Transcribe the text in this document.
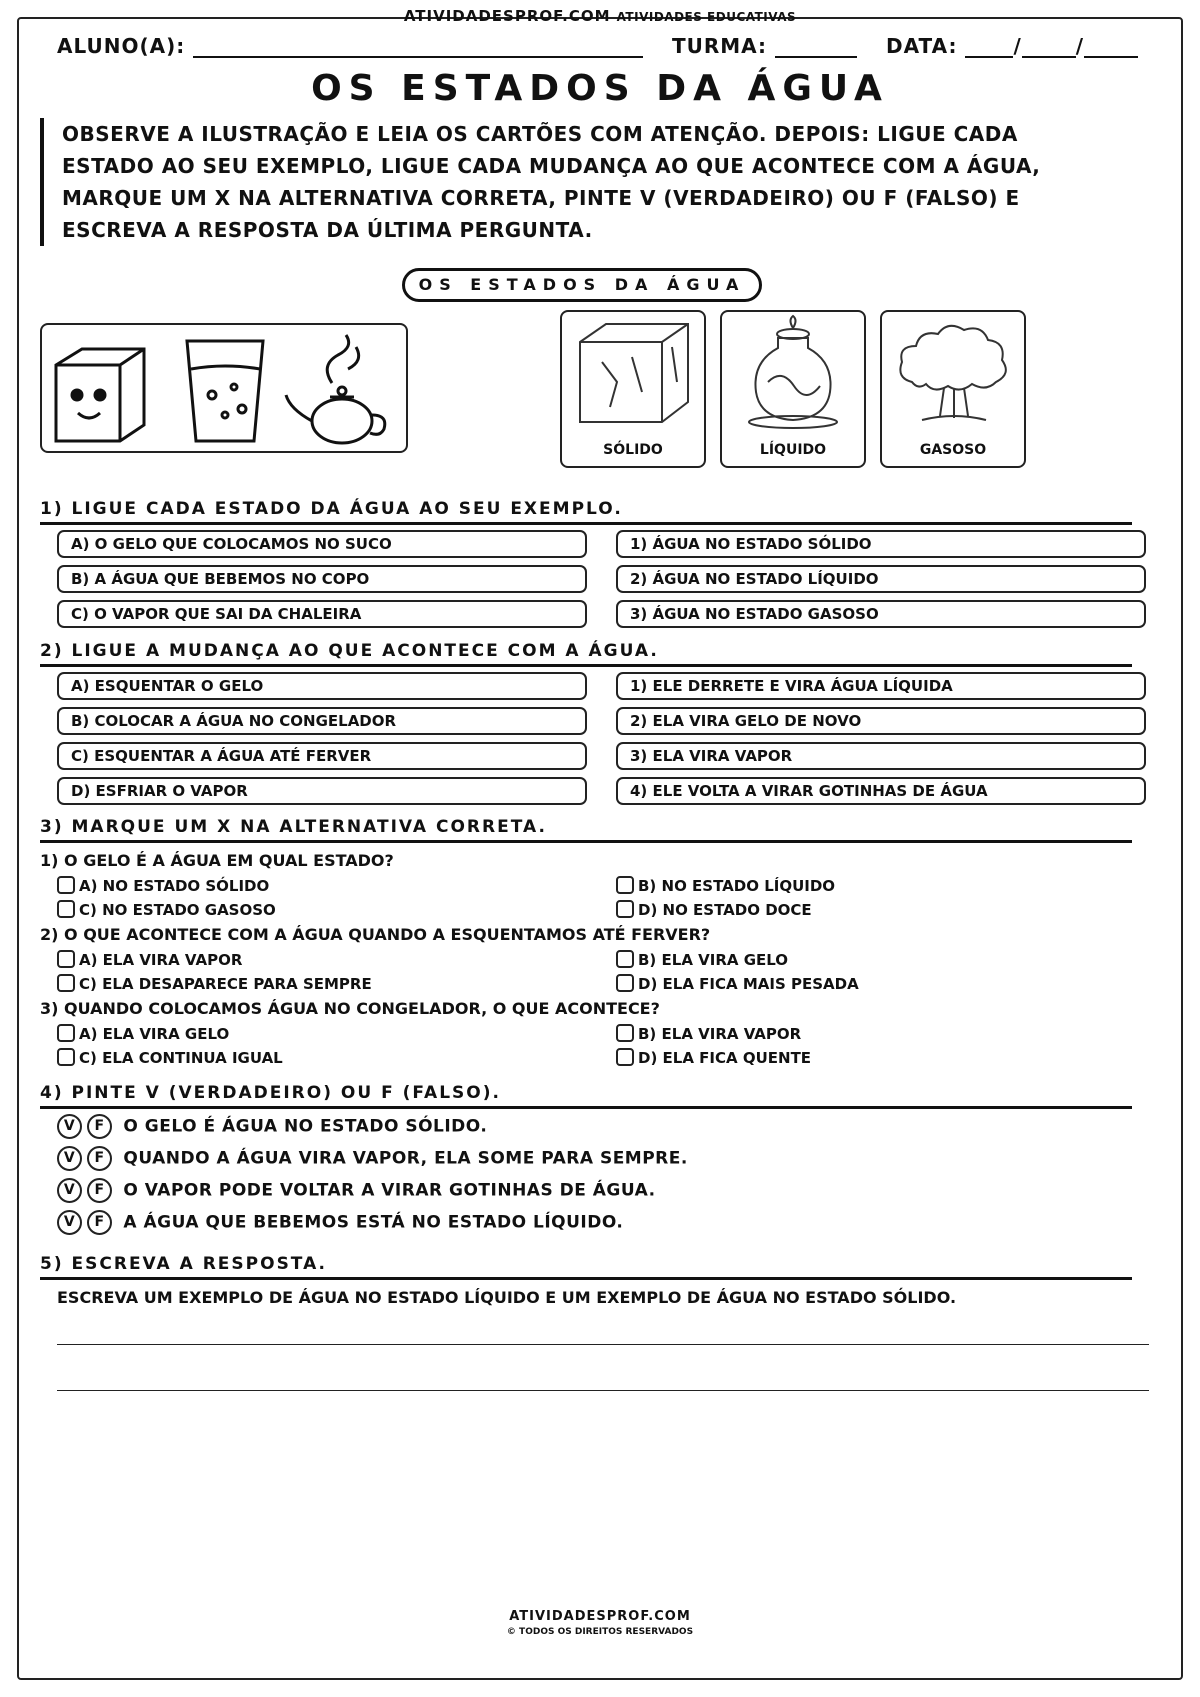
ATIVIDADESPROF.COM ATIVIDADES EDUCATIVAS
ALUNO(A):	TURMA:	DATA:	/	/
OS ESTADOS DA ÁGUA
OBSERVE A ILUSTRAÇÃO E LEIA OS CARTÕES COM ATENÇÃO. DEPOIS: LIGUE CADA ESTADO AO SEU EXEMPLO, LIGUE CADA MUDANÇA AO QUE ACONTECE COM A ÁGUA, MARQUE UM X NA ALTERNATIVA CORRETA, PINTE V (VERDADEIRO) OU F (FALSO) E ESCREVA A RESPOSTA DA ÚLTIMA PERGUNTA.
OS ESTADOS DA ÁGUA
SÓLIDO	LÍQUIDO	GASOSO
1) LIGUE CADA ESTADO DA ÁGUA AO SEU EXEMPLO.
A) O GELO QUE COLOCAMOS NO SUCO
B) A ÁGUA QUE BEBEMOS NO COPO
C) O VAPOR QUE SAI DA CHALEIRA
1) ÁGUA NO ESTADO SÓLIDO
2) ÁGUA NO ESTADO LÍQUIDO
3) ÁGUA NO ESTADO GASOSO
2) LIGUE A MUDANÇA AO QUE ACONTECE COM A ÁGUA.
A) ESQUENTAR O GELO
B) COLOCAR A ÁGUA NO CONGELADOR
C) ESQUENTAR A ÁGUA ATÉ FERVER
D) ESFRIAR O VAPOR
1) ELE DERRETE E VIRA ÁGUA LÍQUIDA
2) ELA VIRA GELO DE NOVO
3) ELA VIRA VAPOR
4) ELE VOLTA A VIRAR GOTINHAS DE ÁGUA
3) MARQUE UM X NA ALTERNATIVA CORRETA.
1) O GELO É A ÁGUA EM QUAL ESTADO?
A) NO ESTADO SÓLIDO	B) NO ESTADO LÍQUIDO
C) NO ESTADO GASOSO	D) NO ESTADO DOCE
2) O QUE ACONTECE COM A ÁGUA QUANDO A ESQUENTAMOS ATÉ FERVER?
A) ELA VIRA VAPOR	B) ELA VIRA GELO
C) ELA DESAPARECE PARA SEMPRE	D) ELA FICA MAIS PESADA
3) QUANDO COLOCAMOS ÁGUA NO CONGELADOR, O QUE ACONTECE?
A) ELA VIRA GELO	B) ELA VIRA VAPOR
C) ELA CONTINUA IGUAL	D) ELA FICA QUENTE
4) PINTE V (VERDADEIRO) OU F (FALSO).
V F O GELO É ÁGUA NO ESTADO SÓLIDO.
V F QUANDO A ÁGUA VIRA VAPOR, ELA SOME PARA SEMPRE.
V F O VAPOR PODE VOLTAR A VIRAR GOTINHAS DE ÁGUA.
V F A ÁGUA QUE BEBEMOS ESTÁ NO ESTADO LÍQUIDO.
5) ESCREVA A RESPOSTA.
ESCREVA UM EXEMPLO DE ÁGUA NO ESTADO LÍQUIDO E UM EXEMPLO DE ÁGUA NO ESTADO SÓLIDO.
ATIVIDADESPROF.COM
© TODOS OS DIREITOS RESERVADOS
